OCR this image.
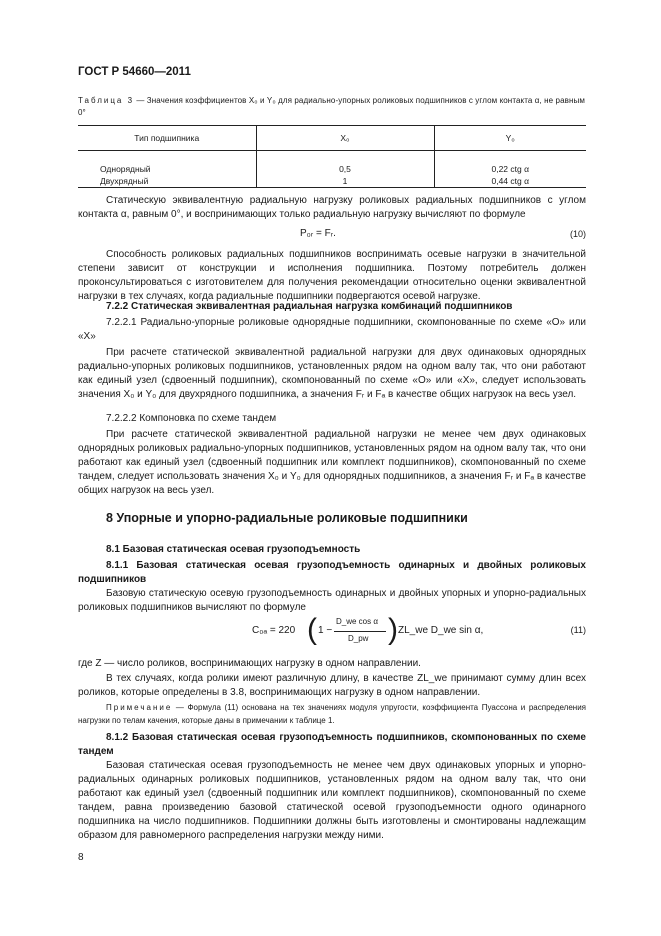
ГОСТ Р 54660—2011
Таблица 3 — Значения коэффициентов X₀ и Y₀ для радиально-упорных роликовых подшипников с углом контакта α, не равным 0°
Тип подшипника	X₀	Y₀

Однорядный	0,5	0,22 ctg α
Двухрядный	1	0,44 ctg α
Статическую эквивалентную радиальную нагрузку роликовых радиальных подшипников с углом контакта α, равным 0°, и воспринимающих только радиальную нагрузку вычисляют по формуле
P₀ᵣ = Fᵣ.	(10)
Способность роликовых радиальных подшипников воспринимать осевые нагрузки в значительной степени зависит от конструкции и исполнения подшипника. Поэтому потребитель должен проконсультироваться с изготовителем для получения рекомендации относительно оценки эквивалентной нагрузки в тех случаях, когда радиальные подшипники подвергаются осевой нагрузке.
7.2.2 Статическая эквивалентная радиальная нагрузка комбинаций подшипников
7.2.2.1 Радиально-упорные роликовые однорядные подшипники, скомпонованные по схеме «О» или «X»
При расчете статической эквивалентной радиальной нагрузки для двух одинаковых однорядных радиально-упорных роликовых подшипников, установленных рядом на одном валу так, что они работают как единый узел (сдвоенный подшипник), скомпонованный по схеме «О» или «X», следует использовать значения X₀ и Y₀ для двухрядного подшипника, а значения Fᵣ и Fₐ в качестве общих нагрузок на весь узел.
7.2.2.2 Компоновка по схеме тандем
При расчете статической эквивалентной радиальной нагрузки не менее чем двух одинаковых однорядных роликовых радиально-упорных подшипников, установленных рядом на одном валу так, что они работают как единый узел (сдвоенный подшипник или комплект подшипников), скомпонованный по схеме тандем, следует использовать значения X₀ и Y₀ для однорядных подшипников, а значения Fᵣ и Fₐ в качестве общих нагрузок на весь узел.
8 Упорные и упорно-радиальные роликовые подшипники
8.1 Базовая статическая осевая грузоподъемность
8.1.1 Базовая статическая осевая грузоподъемность одинарных и двойных роликовых подшипников
Базовую статическую осевую грузоподъемность одинарных и двойных упорных и упорно-радиальных роликовых подшипников вычисляют по формуле
C₀ₐ = 220 ( 1 −
D_we cos α
D_pw ) ZL_we D_we sin α,	(11)
где Z — число роликов, воспринимающих нагрузку в одном направлении.
В тех случаях, когда ролики имеют различную длину, в качестве ZL_we принимают сумму длин всех роликов, которые определены в 3.8, воспринимающих нагрузку в одном направлении.
Примечание — Формула (11) основана на тех значениях модуля упругости, коэффициента Пуассона и распределения нагрузки по телам качения, которые даны в примечании к таблице 1.
8.1.2 Базовая статическая осевая грузоподъемность подшипников, скомпонованных по схеме тандем
Базовая статическая осевая грузоподъемность не менее чем двух одинаковых упорных и упорно-радиальных одинарных роликовых подшипников, установленных рядом на одном валу так, что они работают как единый узел (сдвоенный подшипник или комплект подшипников), скомпонованный по схеме тандем, равна произведению базовой статической осевой грузоподъемности одного одинарного подшипника на число подшипников. Подшипники должны быть изготовлены и смонтированы надлежащим образом для равномерного распределения нагрузки между ними.
8
